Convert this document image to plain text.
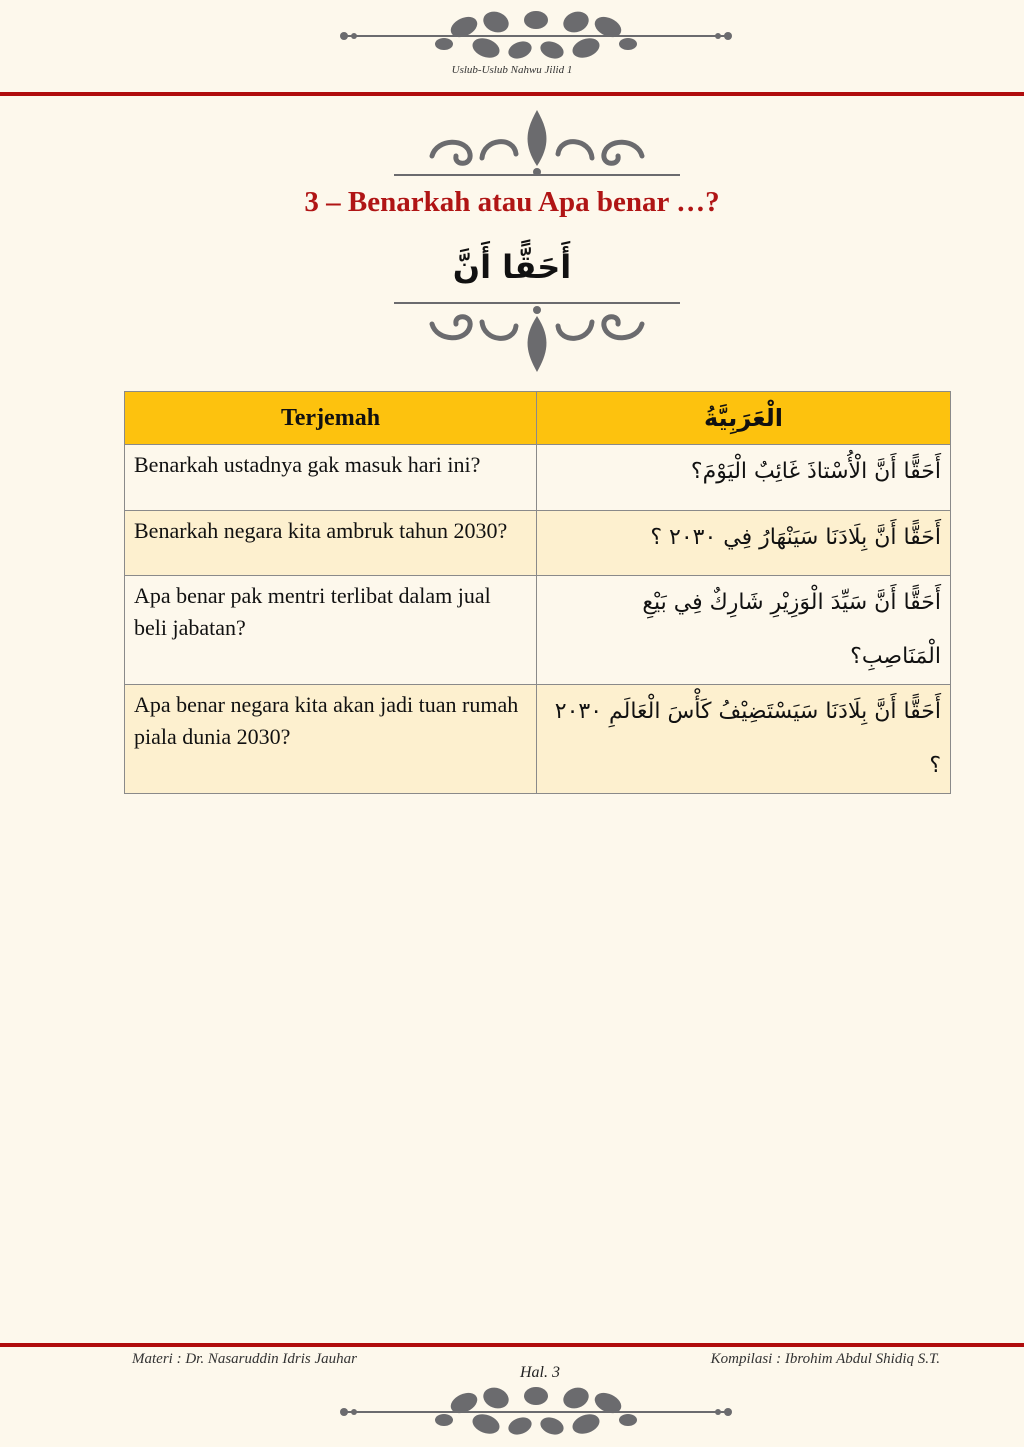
Uslub-Uslub Nahwu Jilid 1
3 – Benarkah atau Apa benar …?
أَحَقًّا أَنَّ
Terjemah	الْعَرَبِيَّةُ
Benarkah ustadnya gak masuk hari ini?	أَحَقًّا أَنَّ الْأُسْتاذَ غَائِبٌ الْيَوْمَ؟
Benarkah negara kita ambruk tahun 2030?	أَحَقًّا أَنَّ بِلَادَنَا سَيَنْهَارُ فِي ٢٠٣٠ ؟
Apa benar pak mentri terlibat dalam jual beli jabatan?	أَحَقًّا أَنَّ سَيِّدَ الْوَزِيْرِ شَارِكٌ فِي بَيْعِ الْمَنَاصِبِ؟
Apa benar negara kita akan jadi tuan rumah piala dunia 2030?	أَحَقًّا أَنَّ بِلَادَنَا سَيَسْتَضِيْفُ كَأْسَ الْعَالَمِ ٢٠٣٠ ؟
Materi : Dr. Nasaruddin Idris Jauhar	Kompilasi : Ibrohim Abdul Shidiq S.T.
Hal. 3
